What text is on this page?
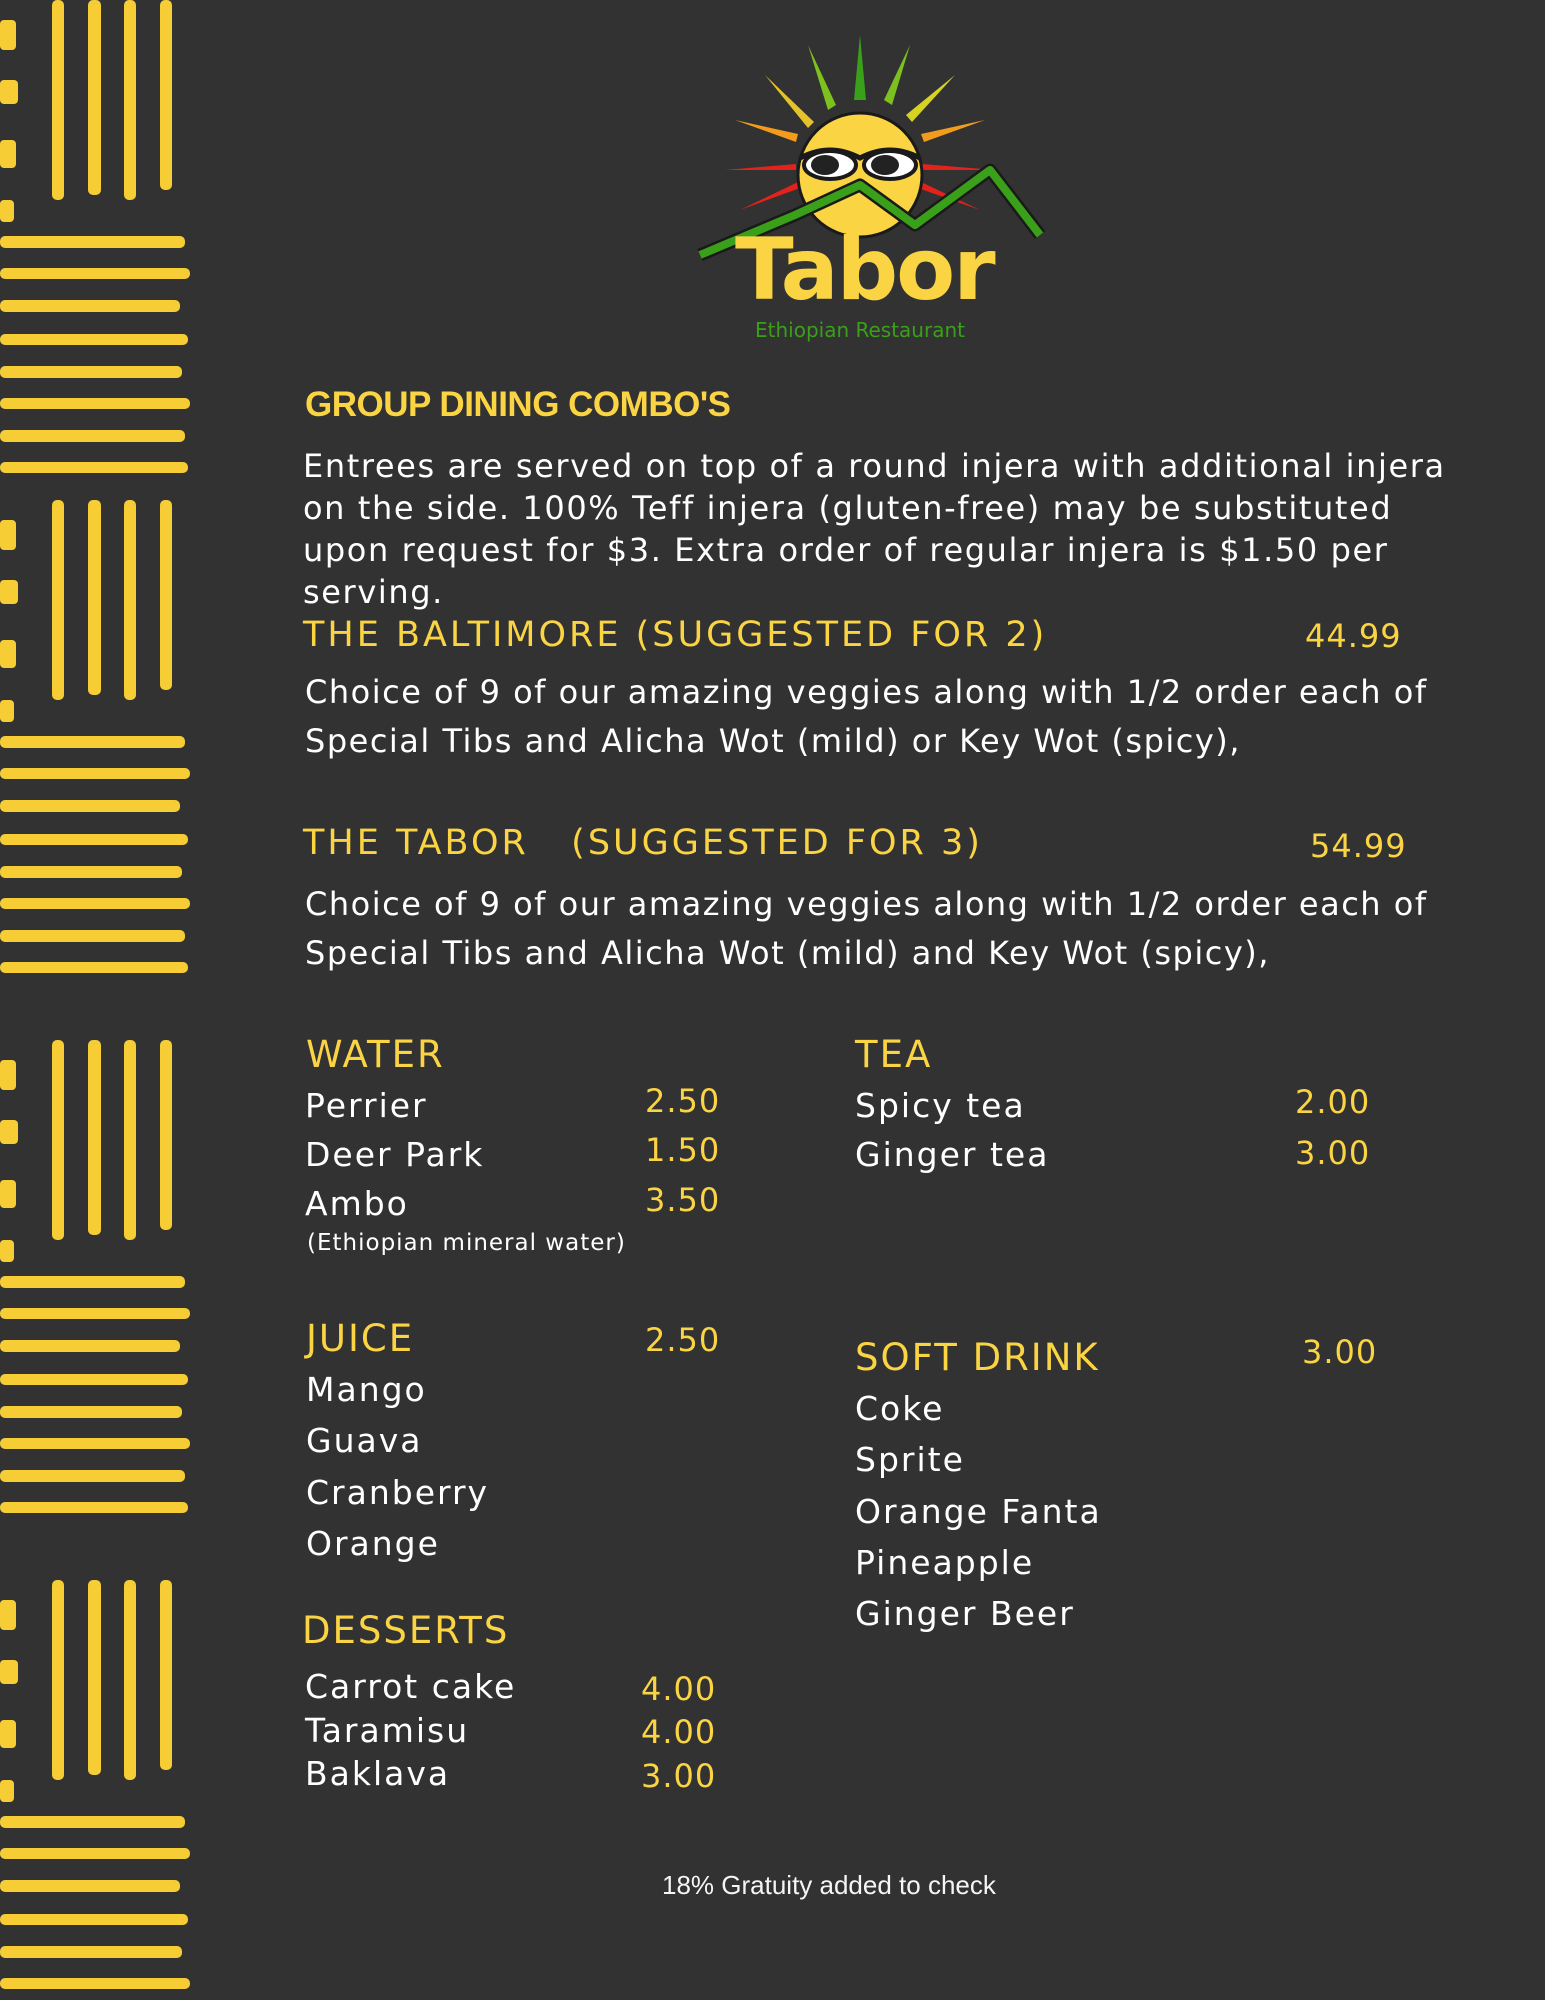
Tabor
Ethiopian Restaurant
GROUP DINING COMBO'S
Entrees are served on top of a round injera with additional injera on the side. 100% Teff injera (gluten-free) may be substituted upon request for $3. Extra order of regular injera is $1.50 per serving.
THE BALTIMORE (SUGGESTED FOR 2)	44.99
Choice of 9 of our amazing veggies along with 1/2 order each of Special Tibs and Alicha Wot (mild) or Key Wot (spicy),
THE TABOR   (SUGGESTED FOR 3)	54.99
Choice of 9 of our amazing veggies along with 1/2 order each of Special Tibs and Alicha Wot (mild) and Key Wot (spicy),
WATER
Perrier	2.50
Deer Park	1.50
Ambo	3.50
(Ethiopian mineral water)
TEA
Spicy tea	2.00
Ginger tea	3.00
JUICE	2.50
Mango
Guava
Cranberry
Orange
SOFT DRINK	3.00
Coke
Sprite
Orange Fanta
Pineapple
Ginger Beer
DESSERTS
Carrot cake	4.00
Taramisu	4.00
Baklava	3.00
18% Gratuity added to check
